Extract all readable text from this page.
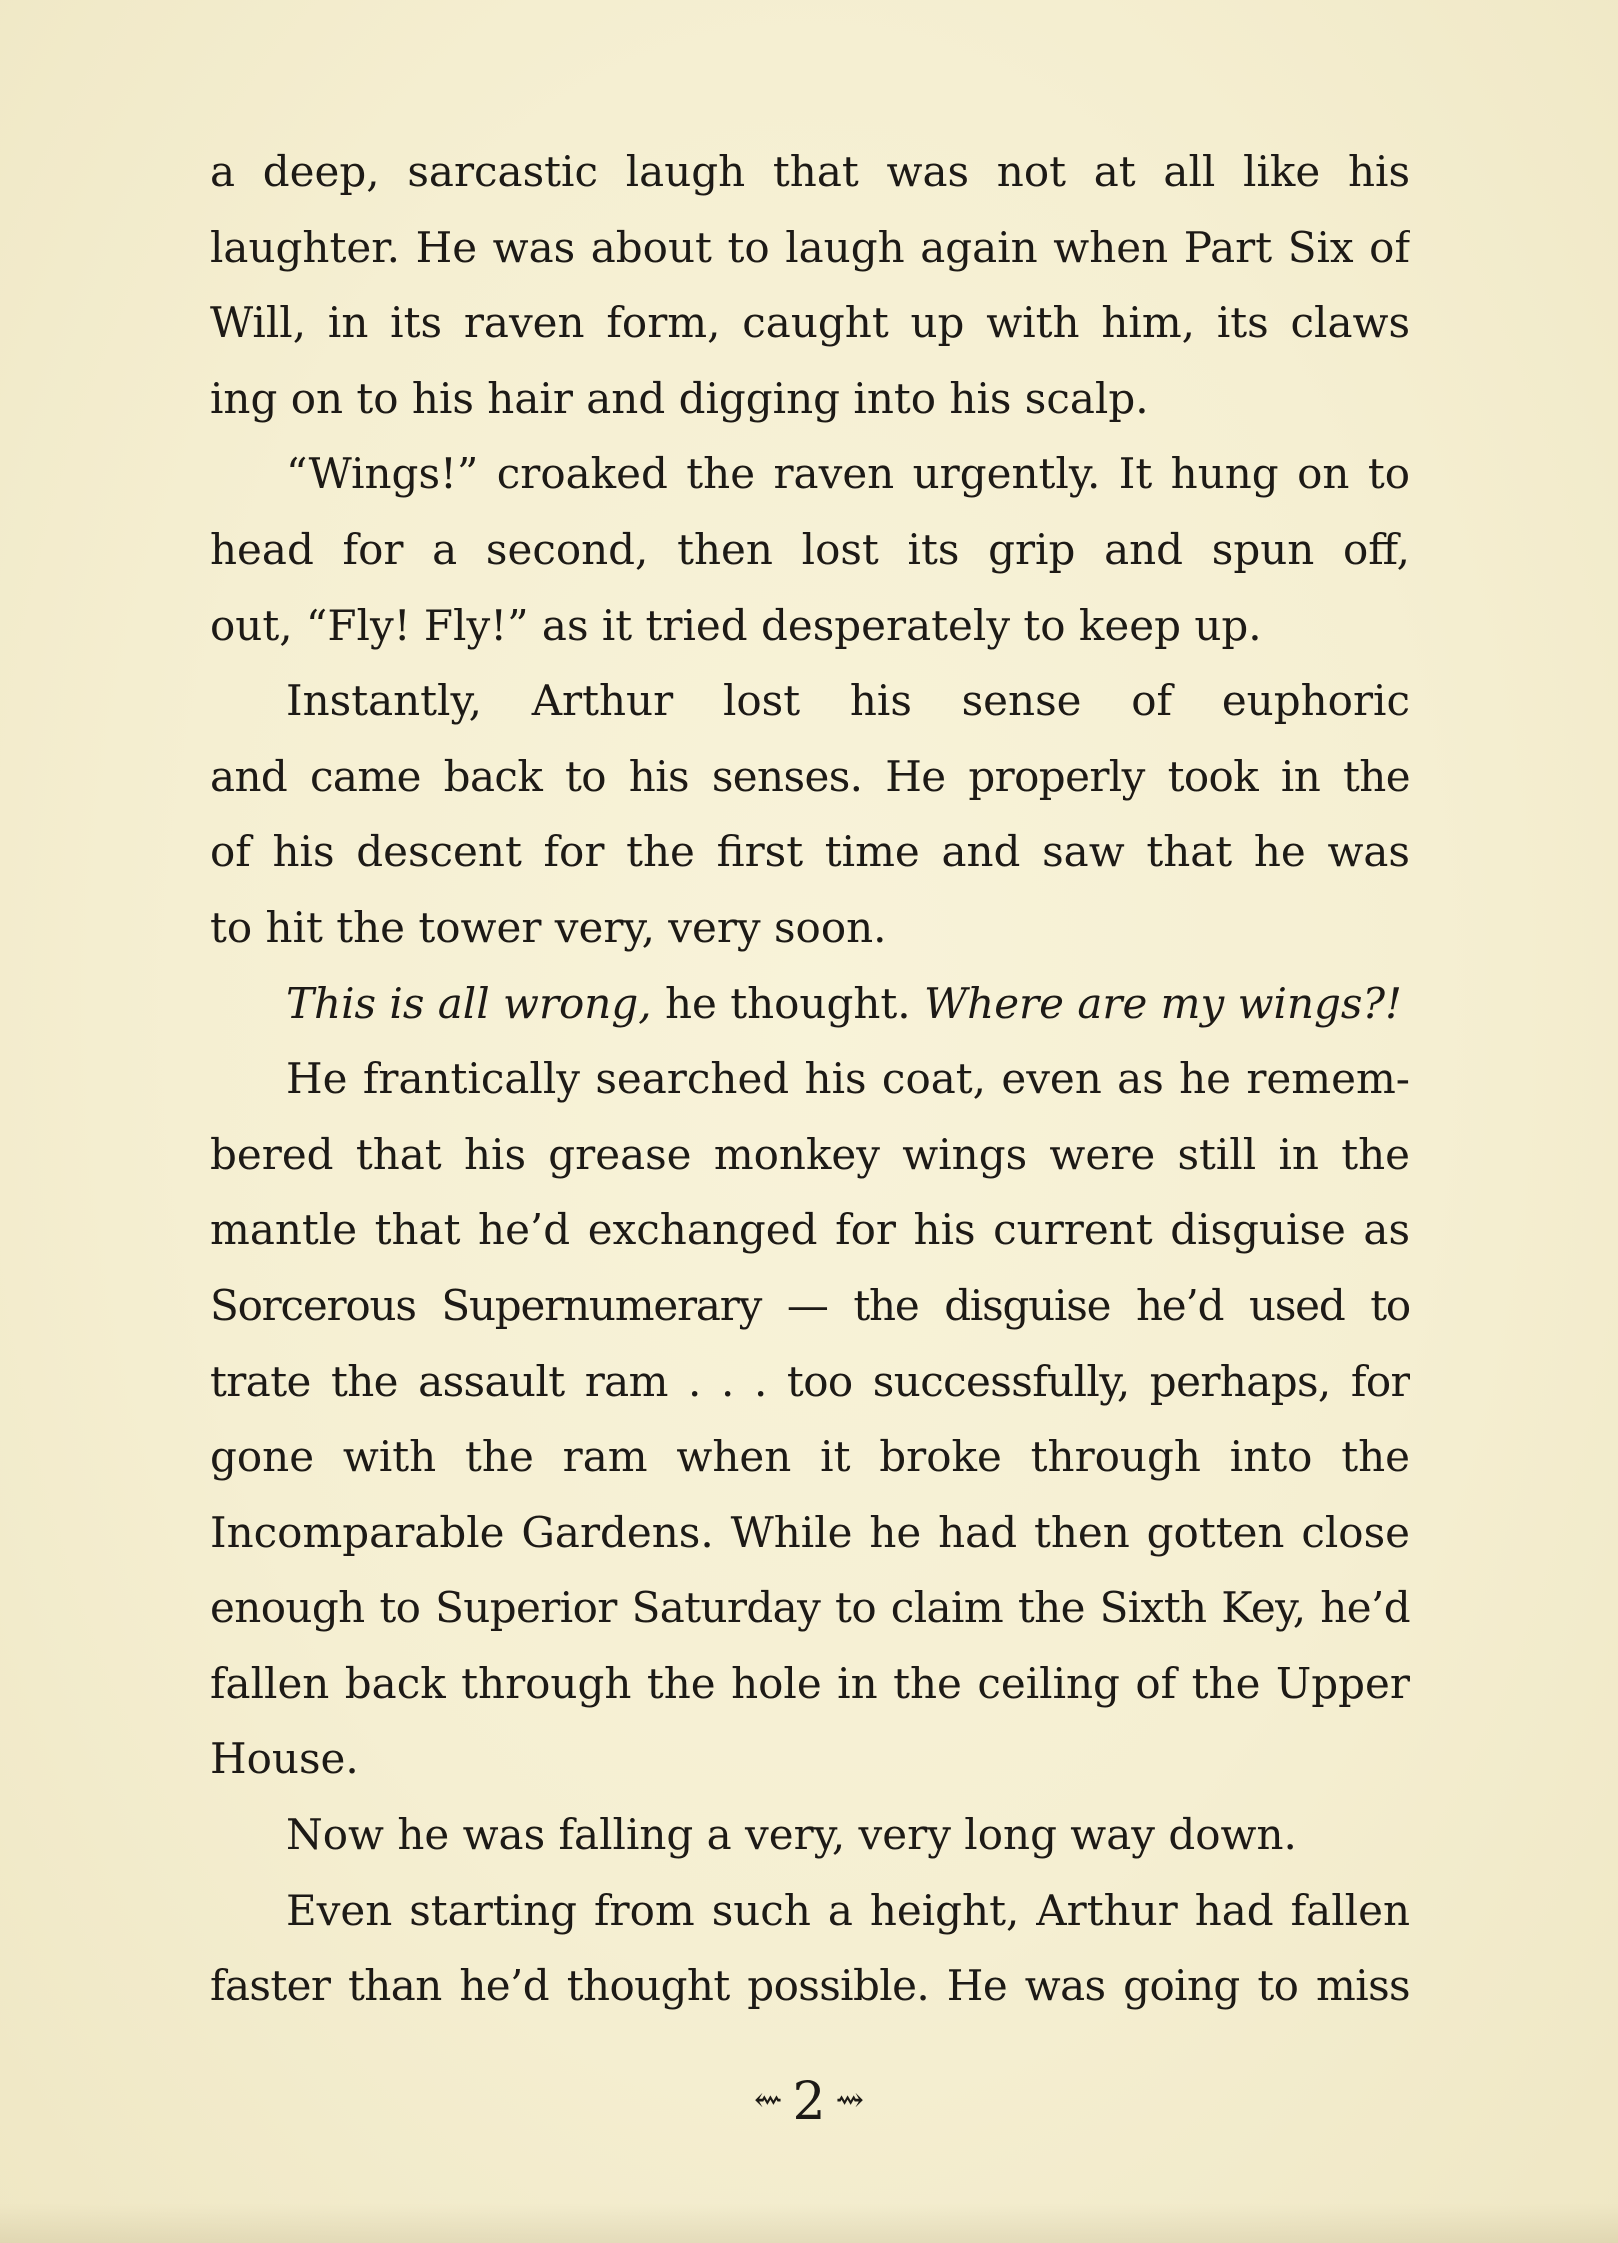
a deep, sarcastic laugh that was not at all like his
laughter. He was about to laugh again when Part Six of
Will, in its raven form, caught up with him, its claws
ing on to his hair and digging into his scalp.
“Wings!” croaked the raven urgently. It hung on to
head for a second, then lost its grip and spun off,
out, “Fly! Fly!” as it tried desperately to keep up.
Instantly, Arthur lost his sense of euphoric
and came back to his senses. He properly took in the
of his descent for the first time and saw that he was
to hit the tower very, very soon.
This is all wrong, he thought. Where are my wings?!
He frantically searched his coat, even as he remem-
bered that his grease monkey wings were still in the
mantle that he’d exchanged for his current disguise as
Sorcerous Supernumerary — the disguise he’d used to
trate the assault ram . . . too successfully, perhaps, for
gone with the ram when it broke through into the
Incomparable Gardens. While he had then gotten close
enough to Superior Saturday to claim the Sixth Key, he’d
fallen back through the hole in the ceiling of the Upper
House.
Now he was falling a very, very long way down.
Even starting from such a height, Arthur had fallen
faster than he’d thought possible. He was going to miss
⇜ 2 ⇝
